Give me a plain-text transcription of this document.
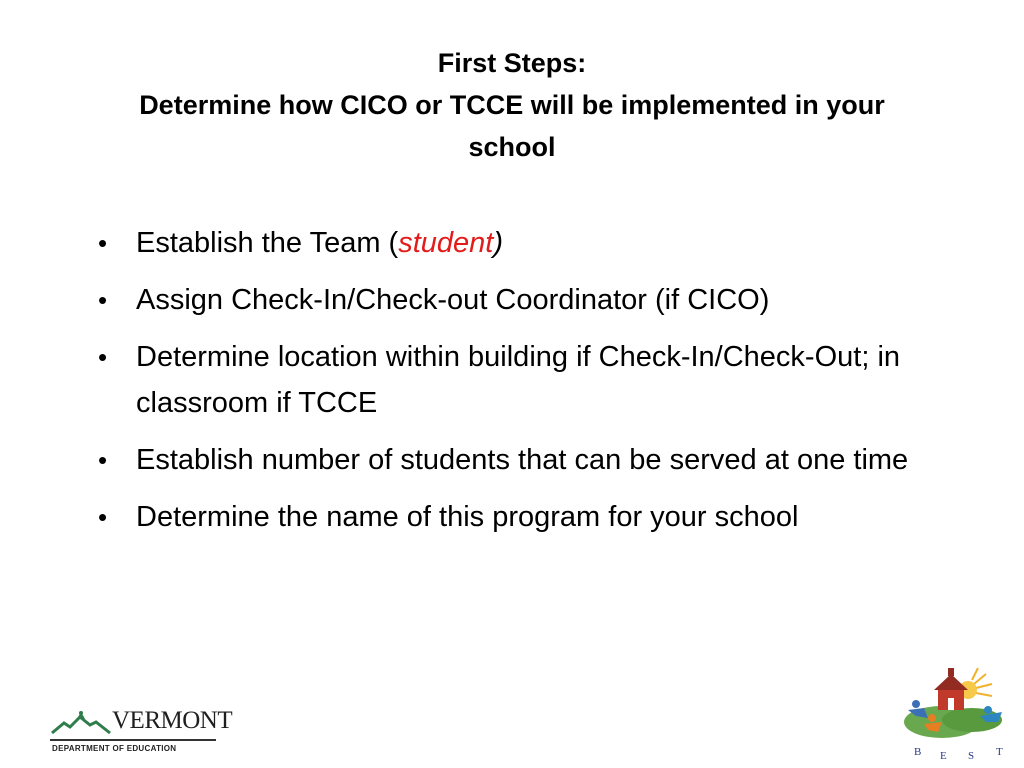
First Steps:
Determine how CICO or TCCE will be implemented in your
school
• Establish the Team (student)
• Assign Check-In/Check-out Coordinator (if CICO)
• Determine location within building if Check-In/Check-Out; in classroom if TCCE
• Establish number of students that can be served at one time
• Determine the name of this program for your school
VERMONT
DEPARTMENT OF EDUCATION	B E S T
